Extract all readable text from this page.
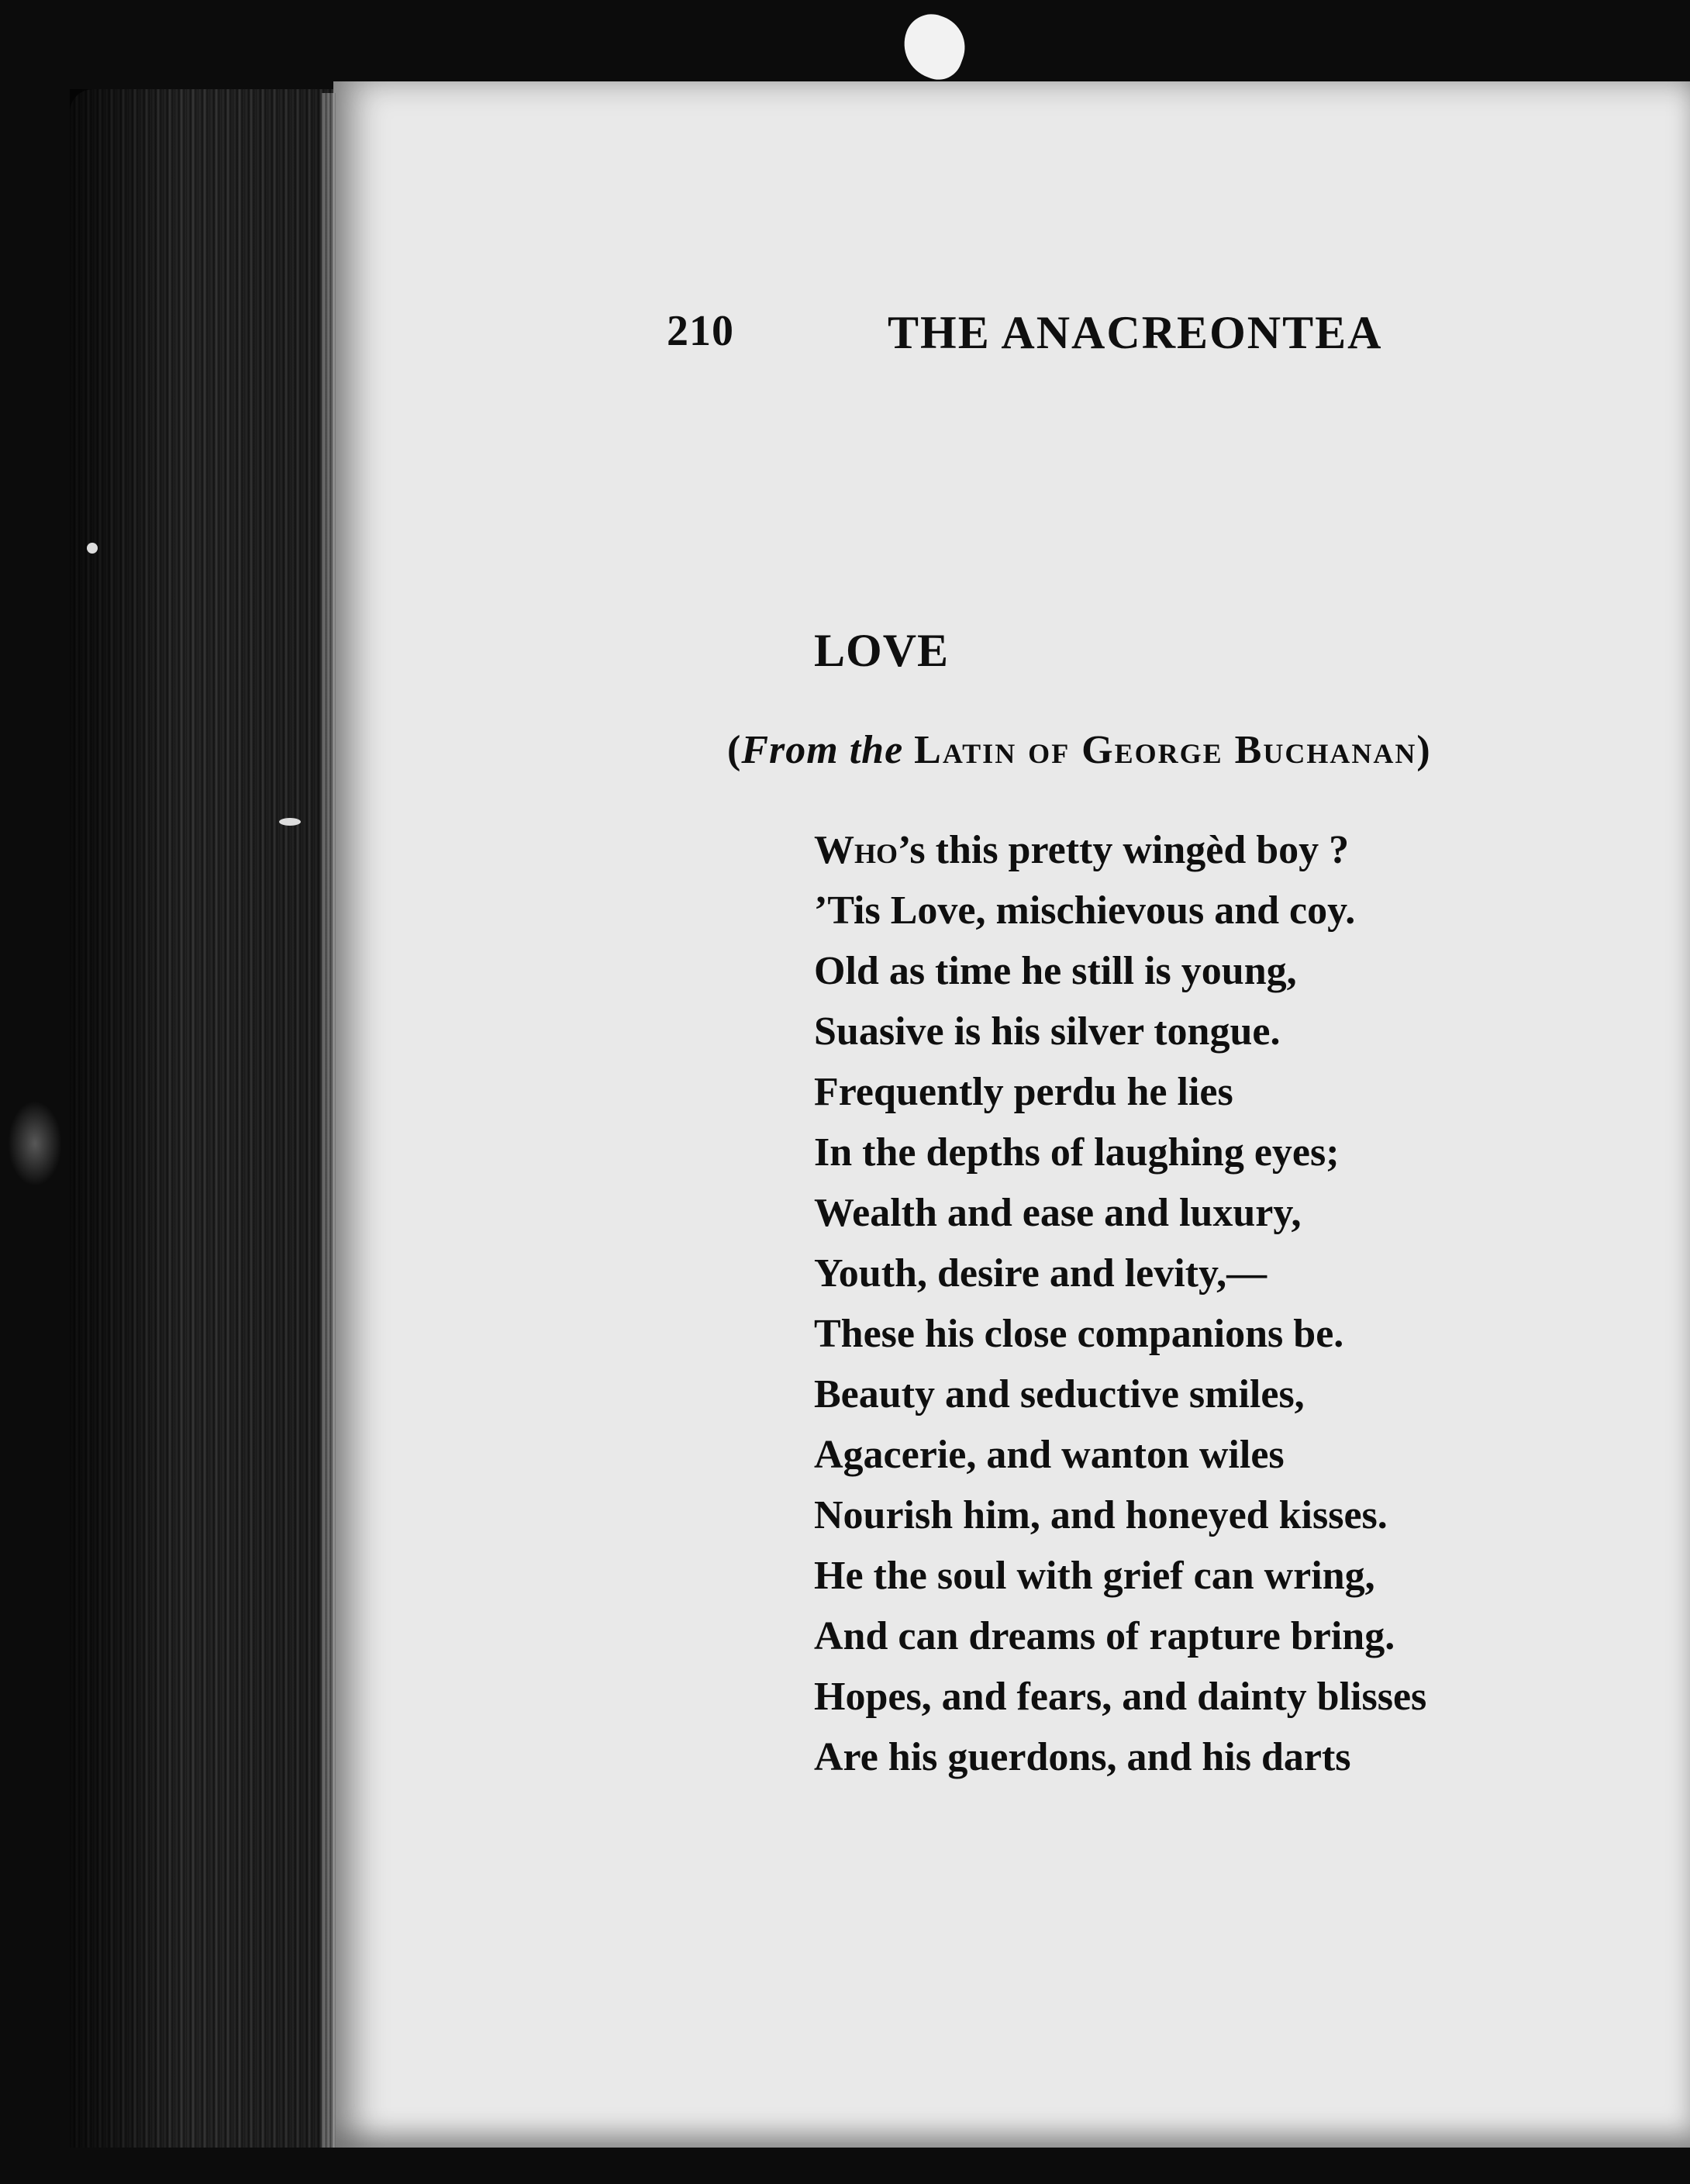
210	THE ANACREONTEA
LOVE
(From the Latin of George Buchanan)
Who’s this pretty wingèd boy ?
’Tis Love, mischievous and coy.
Old as time he still is young,
Suasive is his silver tongue.
Frequently perdu he lies
In the depths of laughing eyes;
Wealth and ease and luxury,
Youth, desire and levity,—
These his close companions be.
Beauty and seductive smiles,
Agacerie, and wanton wiles
Nourish him, and honeyed kisses.
He the soul with grief can wring,
And can dreams of rapture bring.
Hopes, and fears, and dainty blisses
Are his guerdons, and his darts
